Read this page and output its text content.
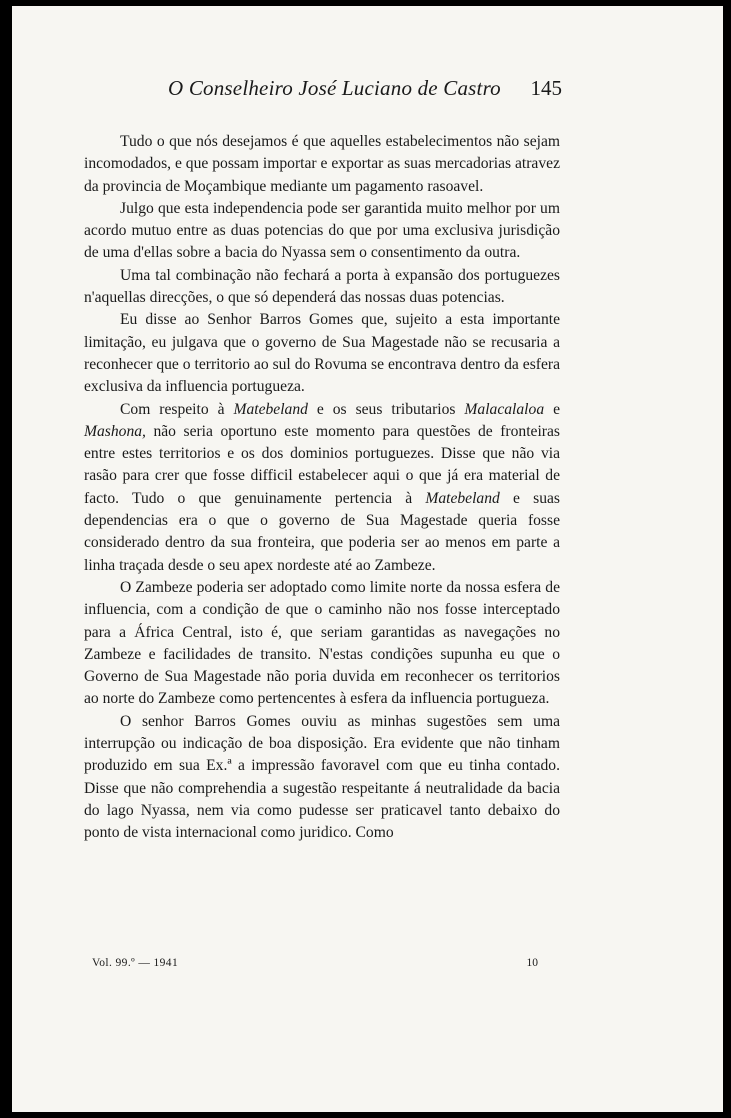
O Conselheiro José Luciano de Castro 145

Tudo o que nós desejamos é que aquelles estabelecimentos não sejam incomodados, e que possam importar e exportar as suas mercadorias atravez da provincia de Moçambique mediante um pagamento rasoavel.

Julgo que esta independencia pode ser garantida muito melhor por um acordo mutuo entre as duas potencias do que por uma exclusiva jurisdição de uma d'ellas sobre a bacia do Nyassa sem o consentimento da outra.

Uma tal combinação não fechará a porta à expansão dos portuguezes n'aquellas direcções, o que só dependerá das nossas duas potencias.

Eu disse ao Senhor Barros Gomes que, sujeito a esta importante limitação, eu julgava que o governo de Sua Magestade não se recusaria a reconhecer que o territorio ao sul do Rovuma se encontrava dentro da esfera exclusiva da influencia portugueza.

Com respeito à Matebeland e os seus tributarios Malacalaloa e Mashona, não seria oportuno este momento para questões de fronteiras entre estes territorios e os dos dominios portuguezes. Disse que não via rasão para crer que fosse difficil estabelecer aqui o que já era material de facto. Tudo o que genuinamente pertencia à Matebeland e suas dependencias era o que o governo de Sua Magestade queria fosse considerado dentro da sua fronteira, que poderia ser ao menos em parte a linha traçada desde o seu apex nordeste até ao Zambeze.

O Zambeze poderia ser adoptado como limite norte da nossa esfera de influencia, com a condição de que o caminho não nos fosse interceptado para a África Central, isto é, que seriam garantidas as navegações no Zambeze e facilidades de transito. N'estas condições supunha eu que o Governo de Sua Magestade não poria duvida em reconhecer os territorios ao norte do Zambeze como pertencentes à esfera da influencia portugueza.

O senhor Barros Gomes ouviu as minhas sugestões sem uma interrupção ou indicação de boa disposição. Era evidente que não tinham produzido em sua Ex.ª a impressão favoravel com que eu tinha contado. Disse que não comprehendia a sugestão respeitante á neutralidade da bacia do lago Nyassa, nem via como pudesse ser praticavel tanto debaixo do ponto de vista internacional como juridico. Como

Vol. 99.º — 1941	10
